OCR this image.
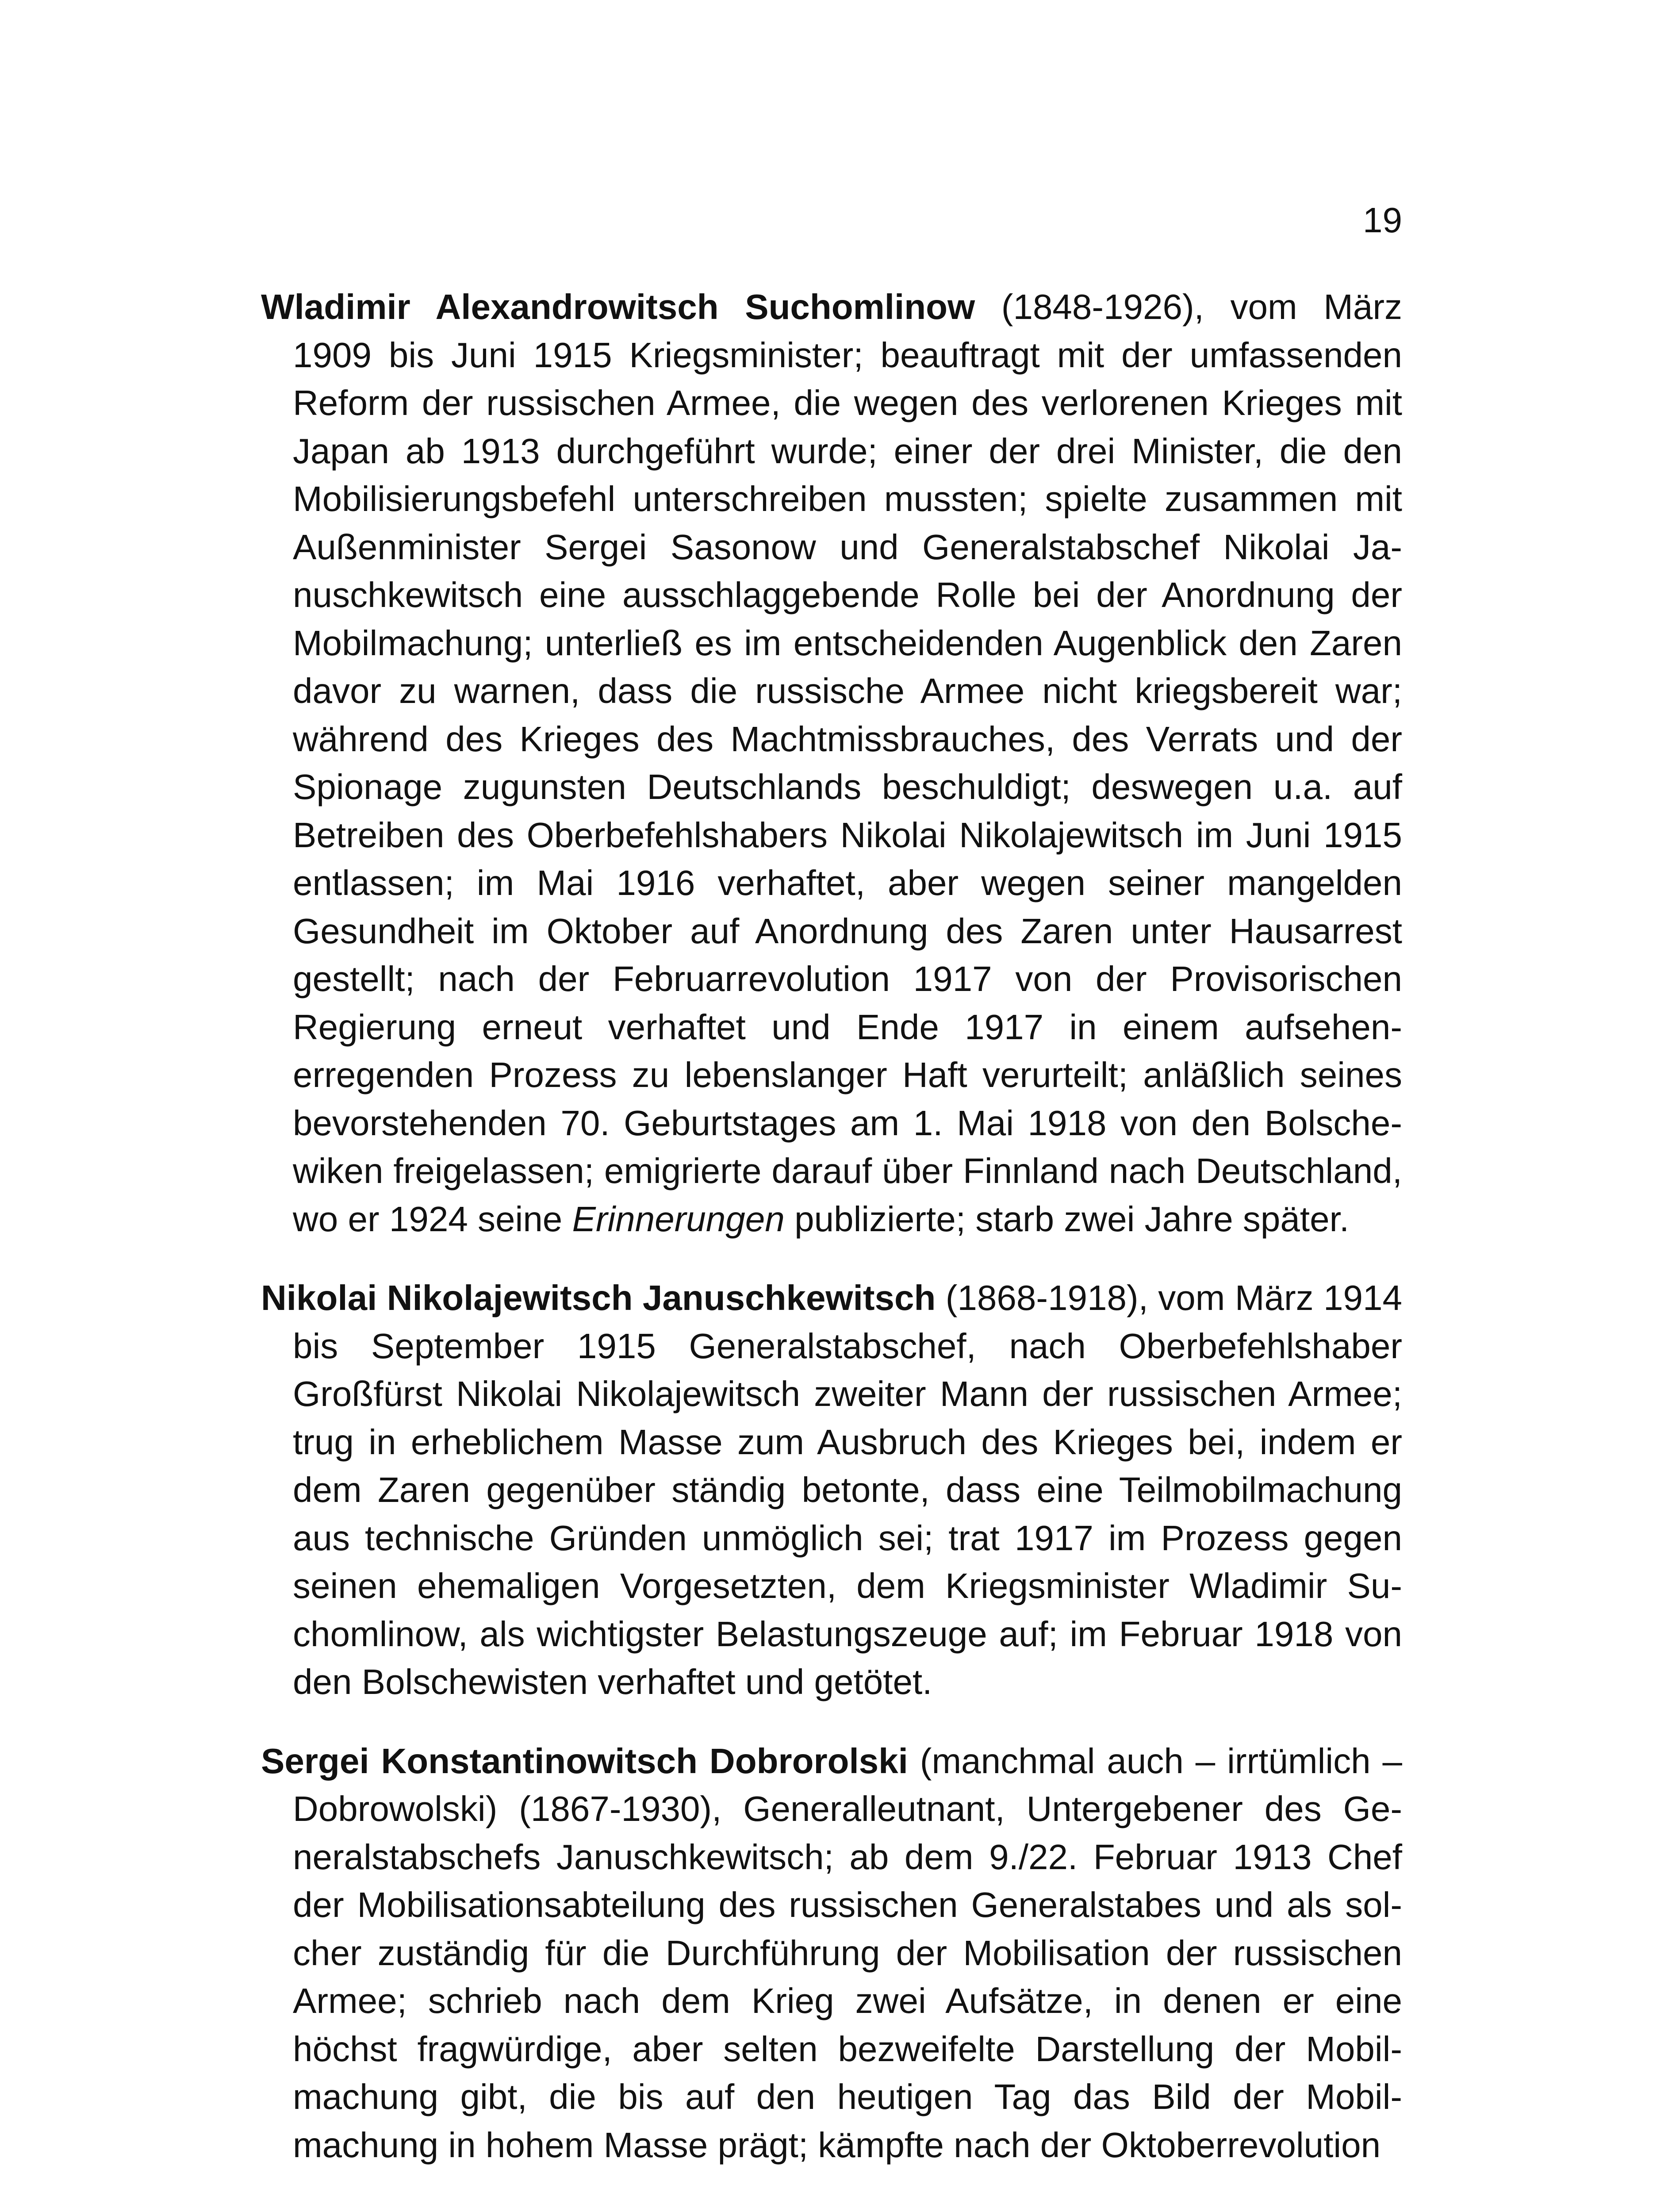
19

Wladimir Alexandrowitsch Suchomlinow (1848-1926), vom März 1909 bis Juni 1915 Kriegsminister; beauftragt mit der umfassenden Reform der russischen Armee, die wegen des verlorenen Krieges mit Japan ab 1913 durchgeführt wurde; einer der drei Minister, die den Mobilisierungsbefehl unterschreiben mussten; spielte zusammen mit Außenminister Sergei Sasonow und Generalstabschef Nikolai Januschkewitsch eine ausschlaggebende Rolle bei der Anordnung der Mobilmachung; unterließ es im entscheidenden Augenblick den Zaren davor zu warnen, dass die russische Armee nicht kriegsbereit war; während des Krieges des Machtmissbrauches, des Verrats und der Spionage zugunsten Deutschlands beschuldigt; deswegen u.a. auf Betreiben des Oberbefehlshabers Nikolai Nikolajewitsch im Juni 1915 entlassen; im Mai 1916 verhaftet, aber wegen seiner mangelden Gesundheit im Oktober auf Anordnung des Zaren unter Hausarrest gestellt; nach der Februarrevolution 1917 von der Provisorischen Regierung erneut verhaftet und Ende 1917 in einem aufsehenerregenden Prozess zu lebenslanger Haft verurteilt; anläßlich seines bevorstehenden 70. Geburtstages am 1. Mai 1918 von den Bolschewiken freigelassen; emigrierte darauf über Finnland nach Deutschland, wo er 1924 seine Erinnerungen publizierte; starb zwei Jahre später.

Nikolai Nikolajewitsch Januschkewitsch (1868-1918), vom März 1914 bis September 1915 Generalstabschef, nach Oberbefehlshaber Großfürst Nikolai Nikolajewitsch zweiter Mann der russischen Armee; trug in erheblichem Masse zum Ausbruch des Krieges bei, indem er dem Zaren gegenüber ständig betonte, dass eine Teilmobilmachung aus technische Gründen unmöglich sei; trat 1917 im Prozess gegen seinen ehemaligen Vorgesetzten, dem Kriegsminister Wladimir Suchomlinow, als wichtigster Belastungszeuge auf; im Februar 1918 von den Bolschewisten verhaftet und getötet.

Sergei Konstantinowitsch Dobrorolski (manchmal auch – irrtümlich – Dobrowolski) (1867-1930), Generalleutnant, Untergebener des Generalstabschefs Januschkewitsch; ab dem 9./22. Februar 1913 Chef der Mobilisationsabteilung des russischen Generalstabes und als solcher zuständig für die Durchführung der Mobilisation der russischen Armee; schrieb nach dem Krieg zwei Aufsätze, in denen er eine höchst fragwürdige, aber selten bezweifelte Darstellung der Mobilmachung gibt, die bis auf den heutigen Tag das Bild der Mobilmachung in hohem Masse prägt; kämpfte nach der Oktoberrevolution
